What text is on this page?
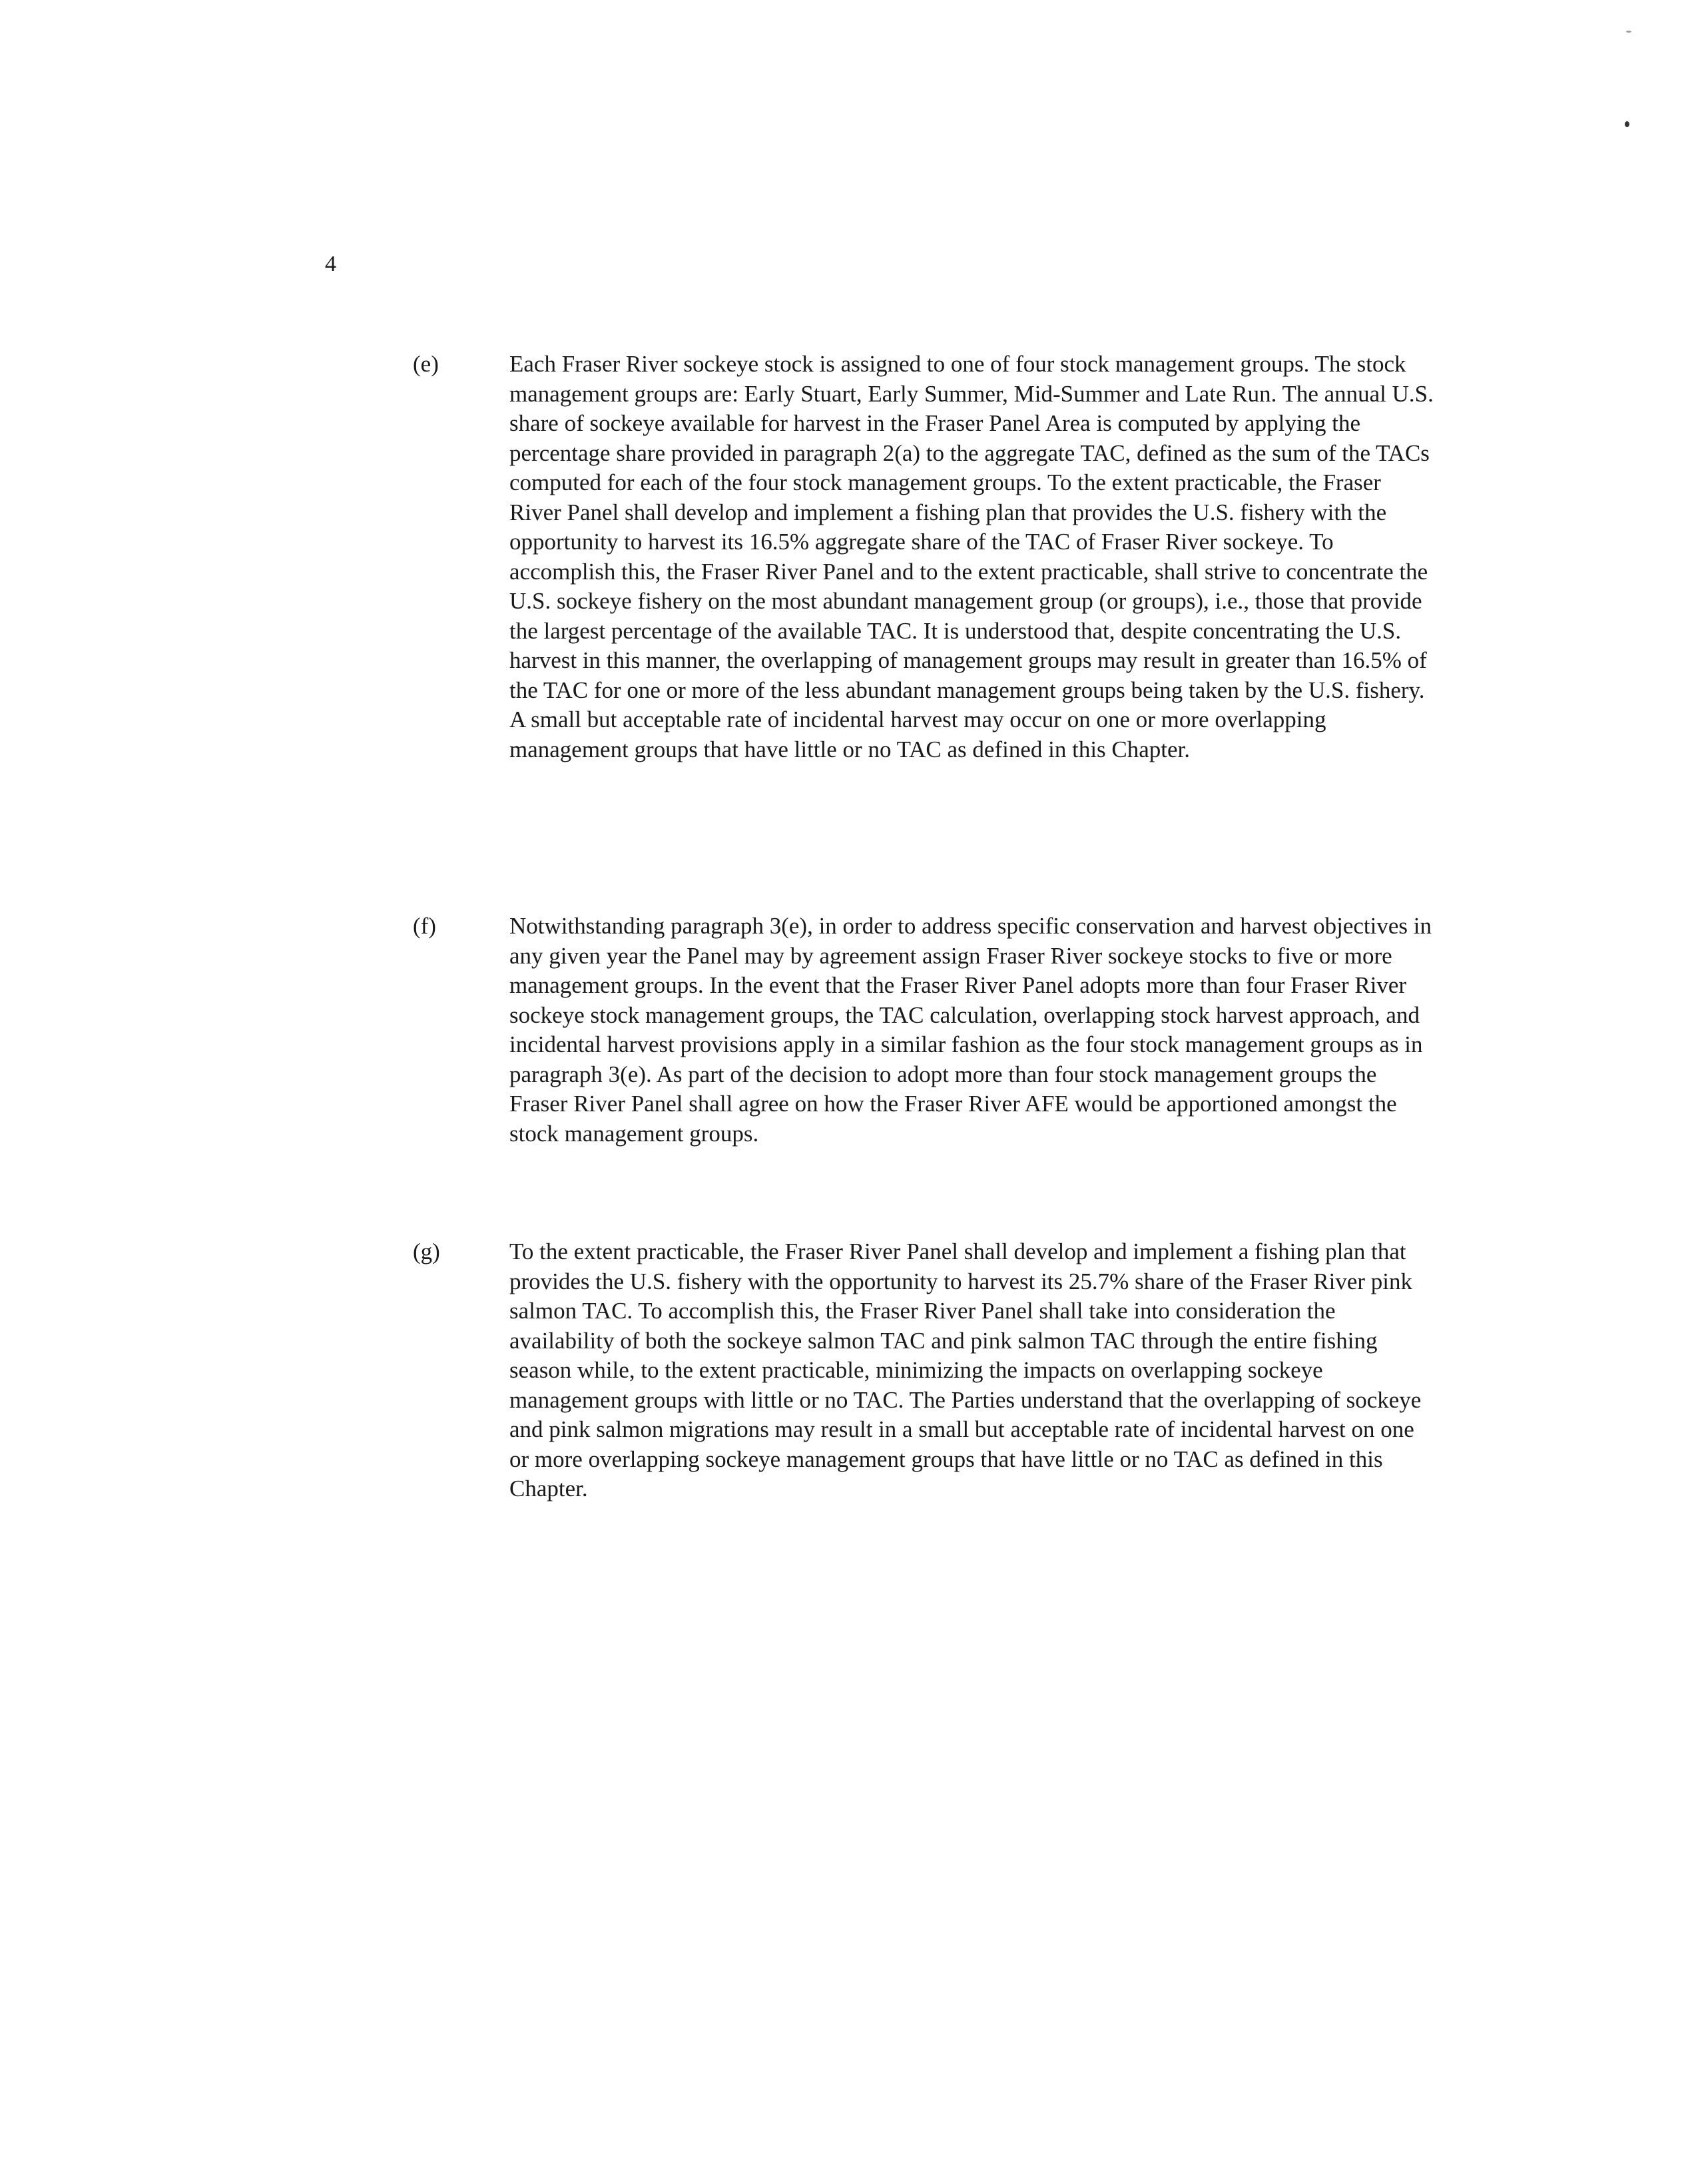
4
(e)	Each Fraser River sockeye stock is assigned to one of four stock management groups. The stock management groups are: Early Stuart, Early Summer, Mid-Summer and Late Run. The annual U.S. share of sockeye available for harvest in the Fraser Panel Area is computed by applying the percentage share provided in paragraph 2(a) to the aggregate TAC, defined as the sum of the TACs computed for each of the four stock management groups. To the extent practicable, the Fraser River Panel shall develop and implement a fishing plan that provides the U.S. fishery with the opportunity to harvest its 16.5% aggregate share of the TAC of Fraser River sockeye. To accomplish this, the Fraser River Panel and to the extent practicable, shall strive to concentrate the U.S. sockeye fishery on the most abundant management group (or groups), i.e., those that provide the largest percentage of the available TAC. It is understood that, despite concentrating the U.S. harvest in this manner, the overlapping of management groups may result in greater than 16.5% of the TAC for one or more of the less abundant management groups being taken by the U.S. fishery. A small but acceptable rate of incidental harvest may occur on one or more overlapping management groups that have little or no TAC as defined in this Chapter.
(f)	Notwithstanding paragraph 3(e), in order to address specific conservation and harvest objectives in any given year the Panel may by agreement assign Fraser River sockeye stocks to five or more management groups. In the event that the Fraser River Panel adopts more than four Fraser River sockeye stock management groups, the TAC calculation, overlapping stock harvest approach, and incidental harvest provisions apply in a similar fashion as the four stock management groups as in paragraph 3(e). As part of the decision to adopt more than four stock management groups the Fraser River Panel shall agree on how the Fraser River AFE would be apportioned amongst the stock management groups.
(g)	To the extent practicable, the Fraser River Panel shall develop and implement a fishing plan that provides the U.S. fishery with the opportunity to harvest its 25.7% share of the Fraser River pink salmon TAC. To accomplish this, the Fraser River Panel shall take into consideration the availability of both the sockeye salmon TAC and pink salmon TAC through the entire fishing season while, to the extent practicable, minimizing the impacts on overlapping sockeye management groups with little or no TAC. The Parties understand that the overlapping of sockeye and pink salmon migrations may result in a small but acceptable rate of incidental harvest on one or more overlapping sockeye management groups that have little or no TAC as defined in this Chapter.
